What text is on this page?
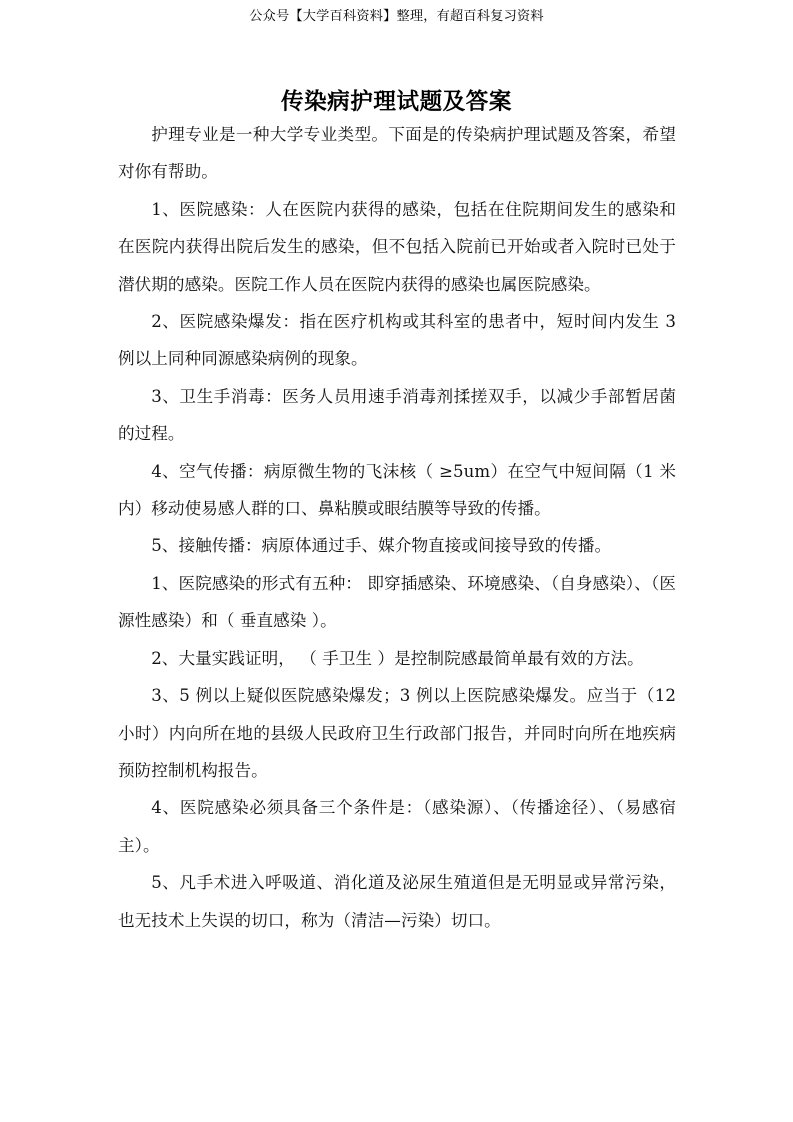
公众号【大学百科资料】整理，有超百科复习资料
传染病护理试题及答案

护理专业是一种大学专业类型。下面是的传染病护理试题及答案，希望对你有帮助。

1、医院感染：人在医院内获得的感染，包括在住院期间发生的感染和在医院内获得出院后发生的感染，但不包括入院前已开始或者入院时已处于潜伏期的感染。医院工作人员在医院内获得的感染也属医院感染。

2、医院感染爆发：指在医疗机构或其科室的患者中，短时间内发生 3 例以上同种同源感染病例的现象。

3、卫生手消毒：医务人员用速手消毒剂揉搓双手，以减少手部暂居菌的过程。

4、空气传播：病原微生物的飞沫核（ ≥5um）在空气中短间隔（1 米内）移动使易感人群的口、鼻粘膜或眼结膜等导致的传播。

5、接触传播：病原体通过手、媒介物直接或间接导致的传播。

1、医院感染的形式有五种： 即穿插感染、环境感染、（自身感染）、（医源性感染）和（ 垂直感染 ）。

2、大量实践证明， （ 手卫生 ）是控制院感最简单最有效的方法。

3、5 例以上疑似医院感染爆发；3 例以上医院感染爆发。应当于（12 小时）内向所在地的县级人民政府卫生行政部门报告，并同时向所在地疾病预防控制机构报告。

4、医院感染必须具备三个条件是：（感染源）、（传播途径）、（易感宿主）。

5、凡手术进入呼吸道、消化道及泌尿生殖道但是无明显或异常污染，也无技术上失误的切口，称为（清洁—污染）切口。
